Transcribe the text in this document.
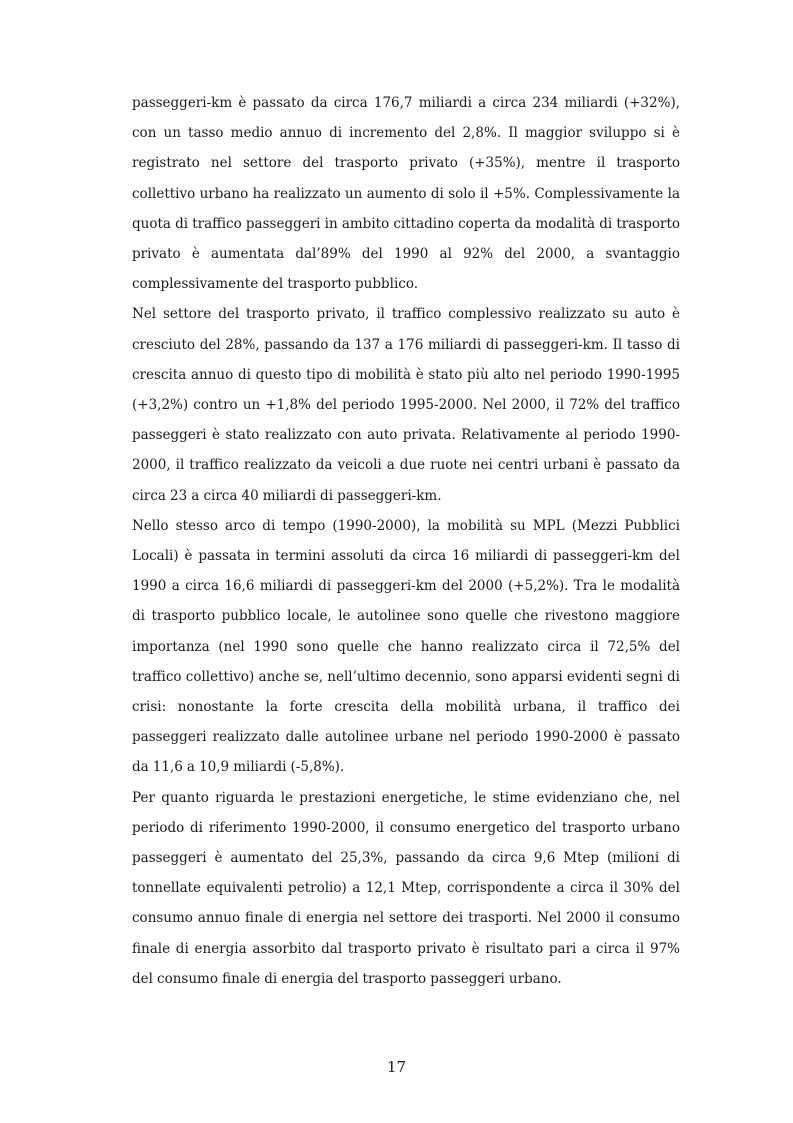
passeggeri-km è passato da circa 176,7 miliardi a circa 234 miliardi (+32%), con un tasso medio annuo di incremento del 2,8%. Il maggior sviluppo si è registrato nel settore del trasporto privato (+35%), mentre il trasporto collettivo urbano ha realizzato un aumento di solo il +5%. Complessivamente la quota di traffico passeggeri in ambito cittadino coperta da modalità di trasporto privato è aumentata dal’89% del 1990 al 92% del 2000, a svantaggio complessivamente del trasporto pubblico.

Nel settore del trasporto privato, il traffico complessivo realizzato su auto è cresciuto del 28%, passando da 137 a 176 miliardi di passeggeri-km. Il tasso di crescita annuo di questo tipo di mobilità è stato più alto nel periodo 1990-1995 (+3,2%) contro un +1,8% del periodo 1995-2000. Nel 2000, il 72% del traffico passeggeri è stato realizzato con auto privata. Relativamente al periodo 1990-2000, il traffico realizzato da veicoli a due ruote nei centri urbani è passato da circa 23 a circa 40 miliardi di passeggeri-km.

Nello stesso arco di tempo (1990-2000), la mobilità su MPL (Mezzi Pubblici Locali) è passata in termini assoluti da circa 16 miliardi di passeggeri-km del 1990 a circa 16,6 miliardi di passeggeri-km del 2000 (+5,2%). Tra le modalità di trasporto pubblico locale, le autolinee sono quelle che rivestono maggiore importanza (nel 1990 sono quelle che hanno realizzato circa il 72,5% del traffico collettivo) anche se, nell’ultimo decennio, sono apparsi evidenti segni di crisi: nonostante la forte crescita della mobilità urbana, il traffico dei passeggeri realizzato dalle autolinee urbane nel periodo 1990-2000 è passato da 11,6 a 10,9 miliardi (-5,8%).

Per quanto riguarda le prestazioni energetiche, le stime evidenziano che, nel periodo di riferimento 1990-2000, il consumo energetico del trasporto urbano passeggeri è aumentato del 25,3%, passando da circa 9,6 Mtep (milioni di tonnellate equivalenti petrolio) a 12,1 Mtep, corrispondente a circa il 30% del consumo annuo finale di energia nel settore dei trasporti. Nel 2000 il consumo finale di energia assorbito dal trasporto privato è risultato pari a circa il 97% del consumo finale di energia del trasporto passeggeri urbano.

17
